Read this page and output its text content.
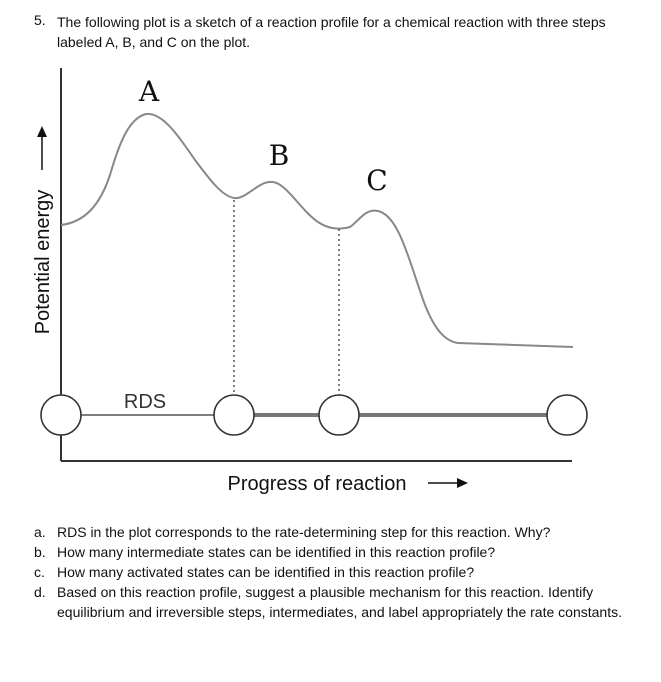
5. The following plot is a sketch of a reaction profile for a chemical reaction with three steps labeled A, B, and C on the plot.
A
B
C
RDS
Potential energy
Progress of reaction
a. RDS in the plot corresponds to the rate-determining step for this reaction. Why?
b. How many intermediate states can be identified in this reaction profile?
c. How many activated states can be identified in this reaction profile?
d. Based on this reaction profile, suggest a plausible mechanism for this reaction. Identify equilibrium and irreversible steps, intermediates, and label appropriately the rate constants.
